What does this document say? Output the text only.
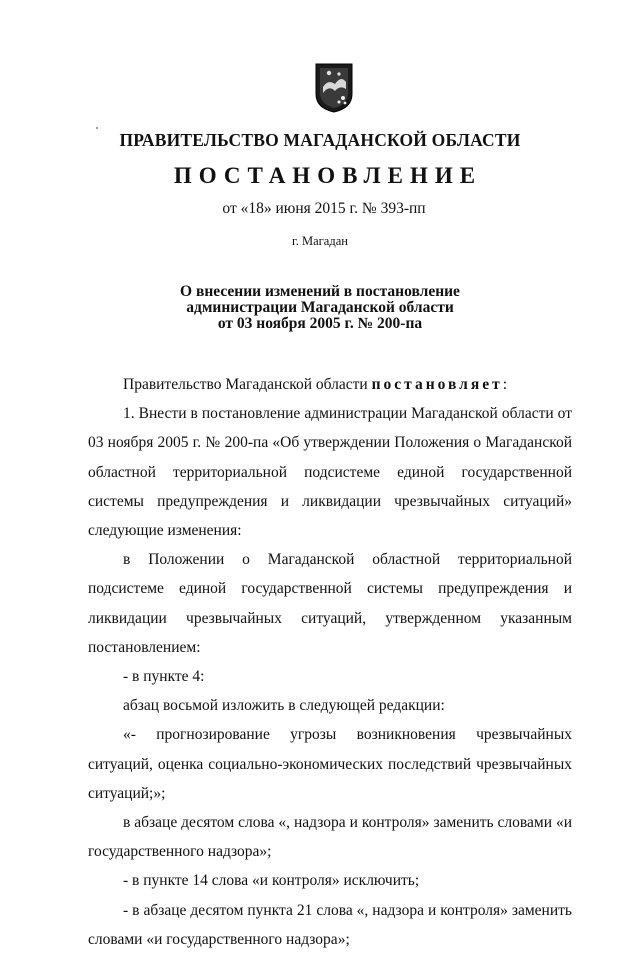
ПРАВИТЕЛЬСТВО МАГАДАНСКОЙ ОБЛАСТИ
ПОСТАНОВЛЕНИЕ
от «18» июня 2015 г. № 393-пп
г. Магадан
О внесении изменений в постановление
администрации Магаданской области
от 03 ноября 2005 г. № 200-па

Правительство Магаданской области постановляет:

1. Внести в постановление администрации Магаданской области от 03 ноября 2005 г. № 200-па «Об утверждении Положения о Магаданской областной территориальной подсистеме единой государственной системы предупреждения и ликвидации чрезвычайных ситуаций» следующие изменения:

в Положении о Магаданской областной территориальной подсистеме единой государственной системы предупреждения и ликвидации чрезвычайных ситуаций, утвержденном указанным постановлением:

- в пункте 4:

абзац восьмой изложить в следующей редакции:

«- прогнозирование угрозы возникновения чрезвычайных ситуаций, оценка социально-экономических последствий чрезвычайных ситуаций;»;

в абзаце десятом слова «, надзора и контроля» заменить словами «и государственного надзора»;

- в пункте 14 слова «и контроля» исключить;

- в абзаце десятом пункта 21 слова «, надзора и контроля» заменить словами «и государственного надзора»;
